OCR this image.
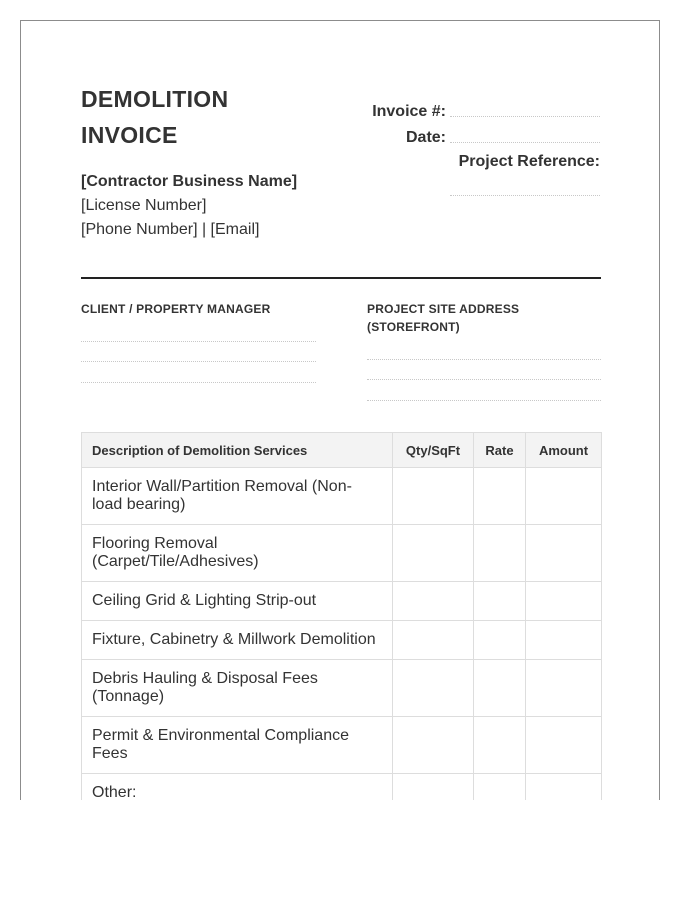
DEMOLITION
INVOICE
[Contractor Business Name]
[License Number]
[Phone Number] | [Email]
Invoice #:
Date:
Project Reference:
CLIENT / PROPERTY MANAGER	PROJECT SITE ADDRESS (STOREFRONT)
Description of Demolition Services	Qty/SqFt	Rate	Amount
Interior Wall/Partition Removal (Non-load bearing)			
Flooring Removal (Carpet/Tile/Adhesives)			
Ceiling Grid & Lighting Strip-out			
Fixture, Cabinetry & Millwork Demolition			
Debris Hauling & Disposal Fees (Tonnage)			
Permit & Environmental Compliance Fees			
Other:			
